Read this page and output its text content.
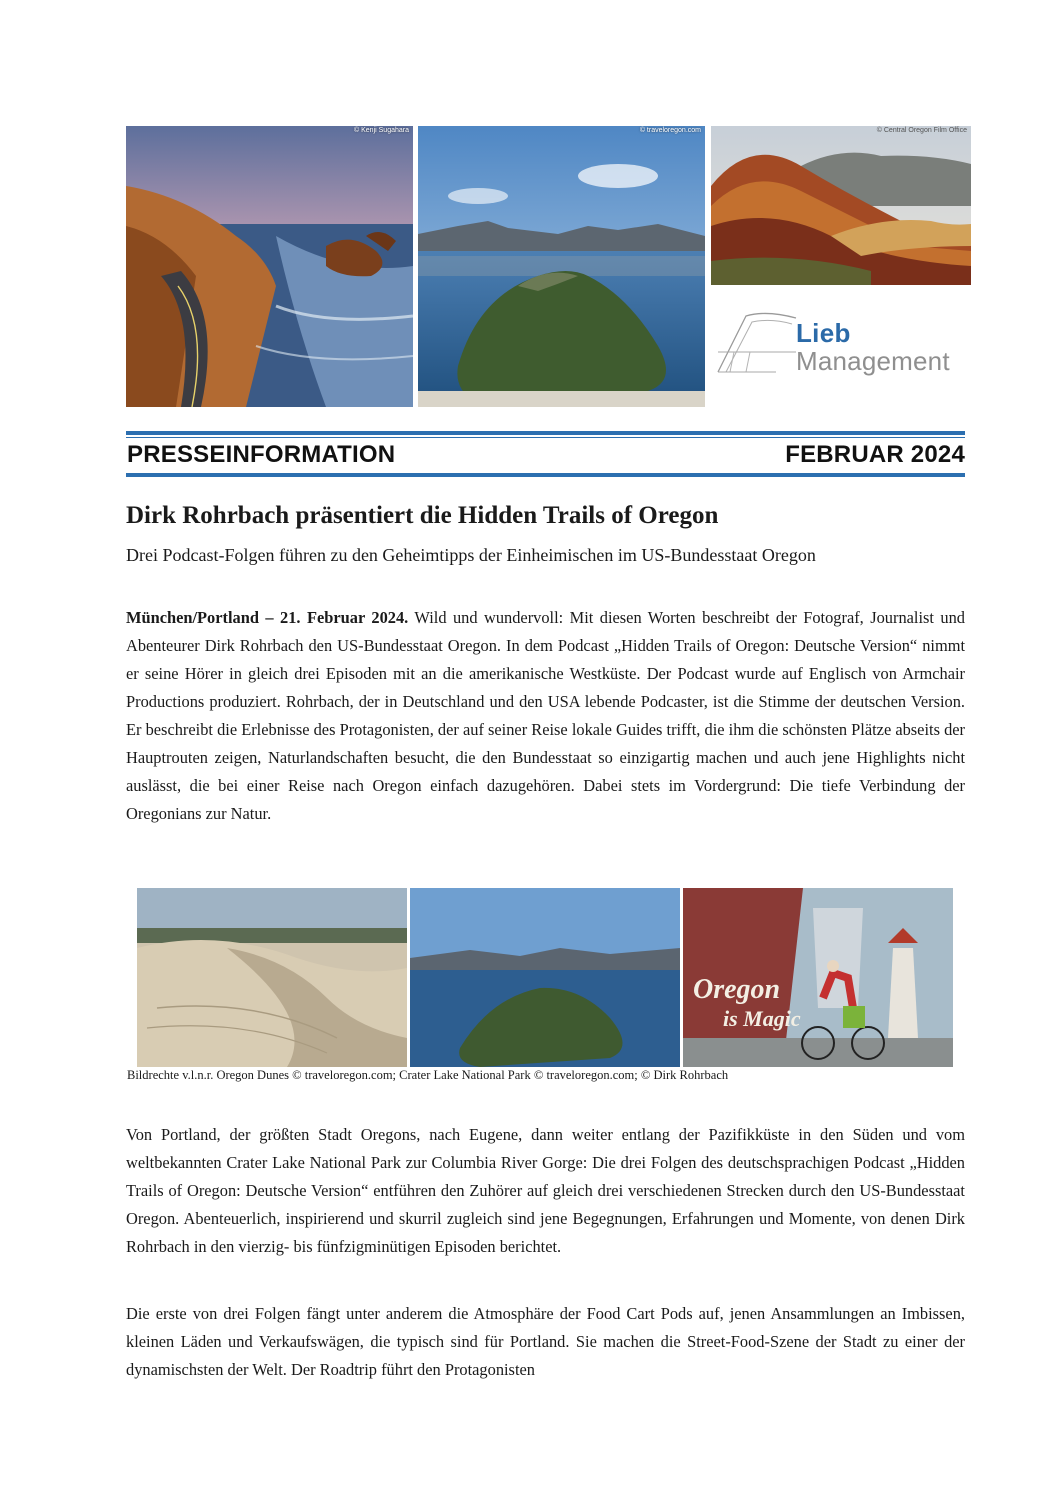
© Kenji Sugahara	© traveloregon.com	© Central Oregon Film Office
Lieb
Management
PRESSEINFORMATION	FEBRUAR 2024
Dirk Rohrbach präsentiert die Hidden Trails of Oregon

Drei Podcast-Folgen führen zu den Geheimtipps der Einheimischen im US-Bundesstaat Oregon

München/Portland – 21. Februar 2024. Wild und wundervoll: Mit diesen Worten beschreibt der Fotograf, Journalist und Abenteurer Dirk Rohrbach den US-Bundesstaat Oregon. In dem Podcast „Hidden Trails of Oregon: Deutsche Version“ nimmt er seine Hörer in gleich drei Episoden mit an die amerikanische Westküste. Der Podcast wurde auf Englisch von Armchair Productions produziert. Rohrbach, der in Deutschland und den USA lebende Podcaster, ist die Stimme der deutschen Version. Er beschreibt die Erlebnisse des Protagonisten, der auf seiner Reise lokale Guides trifft, die ihm die schönsten Plätze abseits der Hauptrouten zeigen, Naturlandschaften besucht, die den Bundesstaat so einzigartig machen und auch jene Highlights nicht auslässt, die bei einer Reise nach Oregon einfach dazugehören. Dabei stets im Vordergrund: Die tiefe Verbindung der Oregonians zur Natur.

Oregon
is Magic

Bildrechte v.l.n.r. Oregon Dunes © traveloregon.com; Crater Lake National Park © traveloregon.com; © Dirk Rohrbach

Von Portland, der größten Stadt Oregons, nach Eugene, dann weiter entlang der Pazifikküste in den Süden und vom weltbekannten Crater Lake National Park zur Columbia River Gorge: Die drei Folgen des deutschsprachigen Podcast „Hidden Trails of Oregon: Deutsche Version“ entführen den Zuhörer auf gleich drei verschiedenen Strecken durch den US-Bundesstaat Oregon. Abenteuerlich, inspirierend und skurril zugleich sind jene Begegnungen, Erfahrungen und Momente, von denen Dirk Rohrbach in den vierzig- bis fünfzigminütigen Episoden berichtet.

Die erste von drei Folgen fängt unter anderem die Atmosphäre der Food Cart Pods auf, jenen Ansammlungen an Imbissen, kleinen Läden und Verkaufswägen, die typisch sind für Portland. Sie machen die Street-Food-Szene der Stadt zu einer der dynamischsten der Welt. Der Roadtrip führt den Protagonisten
